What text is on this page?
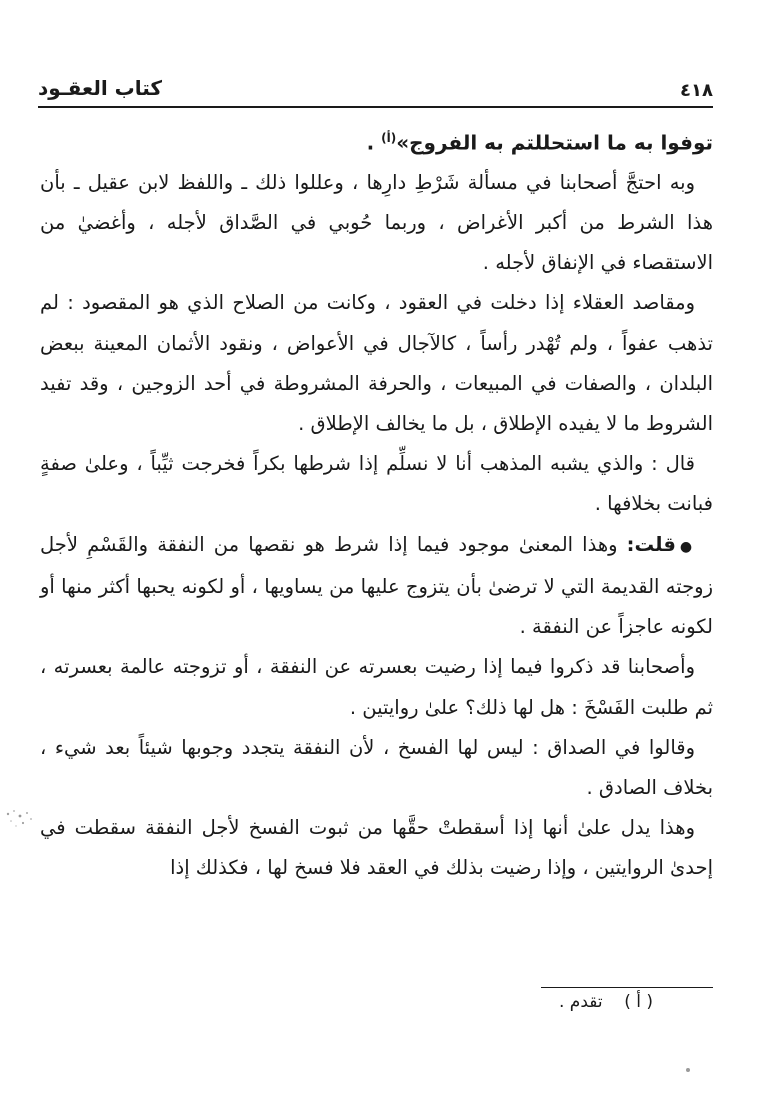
٤١٨
كتاب العقـود

توفوا به ما استحللتم به الفروج»$^{(أ)}$ .

وبه احتجَّ أصحابنا في مسألة شَرْطِ دارِها ، وعللوا ذلك ـ واللفظ لابن عقيل ـ بأن هذا الشرط من أكبر الأغراض ، وربما حُوبي في الصَّداق لأجله ، وأغضيٰ من الاستقصاء في الإنفاق لأجله .

ومقاصد العقلاء إذا دخلت في العقود ، وكانت من الصلاح الذي هو المقصود : لم تذهب عفواً ، ولم تُهْدر رأساً ، كالآجال في الأعواض ، ونقود الأثمان المعينة ببعض البلدان ، والصفات في المبيعات ، والحرفة المشروطة في أحد الزوجين ، وقد تفيد الشروط ما لا يفيده الإطلاق ، بل ما يخالف الإطلاق .

قال : والذي يشبه المذهب أنا لا نسلِّم إذا شرطها بكراً فخرجت ثيِّباً ، وعلىٰ صفةٍ فبانت بخلافها .

●قلت: وهذا المعنىٰ موجود فيما إذا شرط هو نقصها من النفقة والقَسْمِ لأجل زوجته القديمة التي لا ترضىٰ بأن يتزوج عليها من يساويها ، أو لكونه يحبها أكثر منها أو لكونه عاجزاً عن النفقة .

وأصحابنا قد ذكروا فيما إذا رضيت بعسرته عن النفقة ، أو تزوجته عالمة بعسرته ، ثم طلبت الفَسْخَ : هل لها ذلك؟ علىٰ روايتين .

وقالوا في الصداق : ليس لها الفسخ ، لأن النفقة يتجدد وجوبها شيئاً بعد شيء ، بخلاف الصادق .

وهذا يدل علىٰ أنها إذا أسقطتْ حقَّها من ثبوت الفسخ لأجل النفقة سقطت في إحدىٰ الروايتين ، وإذا رضيت بذلك في العقد فلا فسخ لها ، فكذلك إذا

( أ )    تقدم .
